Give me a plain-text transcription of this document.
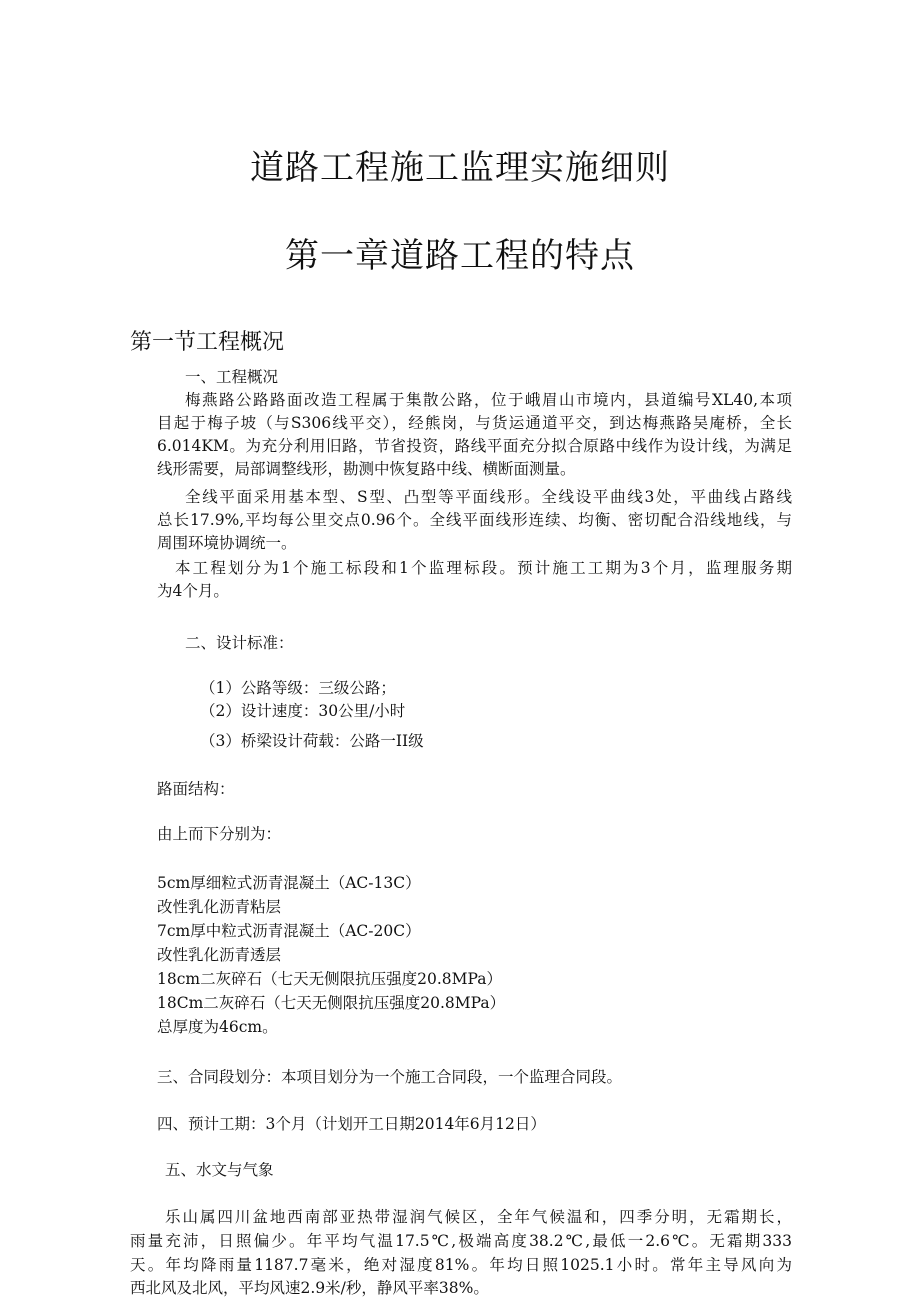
道路工程施工监理实施细则
第一章道路工程的特点
第一节工程概况
一、工程概况
梅燕路公路路面改造工程属于集散公路，位于峨眉山市境内，县道编号XL40,本项
目起于梅子坡（与S306线平交），经熊岗，与货运通道平交，到达梅燕路吴庵桥，全长
6.014KM。为充分利用旧路，节省投资，路线平面充分拟合原路中线作为设计线，为满足
线形需要，局部调整线形，勘测中恢复路中线、横断面测量。
全线平面采用基本型、S型、凸型等平面线形。全线设平曲线3处，平曲线占路线
总长17.9%,平均每公里交点0.96个。全线平面线形连续、均衡、密切配合沿线地线，与
周围环境协调统一。
本工程划分为1个施工标段和1个监理标段。预计施工工期为3个月，监理服务期
为4个月。
二、设计标准：
（1）公路等级：三级公路；
（2）设计速度：30公里/小时
（3）桥梁设计荷载：公路一II级
路面结构：
由上而下分别为：
5cm厚细粒式沥青混凝土（AC-13C）
改性乳化沥青粘层
7cm厚中粒式沥青混凝土（AC-20C）
改性乳化沥青透层
18cm二灰碎石（七天无侧限抗压强度20.8MPa）
18Cm二灰碎石（七天无侧限抗压强度20.8MPa）
总厚度为46cm。
三、合同段划分：本项目划分为一个施工合同段，一个监理合同段。
四、预计工期：3个月（计划开工日期2014年6月12日）
五、水文与气象
乐山属四川盆地西南部亚热带湿润气候区，全年气候温和，四季分明，无霜期长，
雨量充沛，日照偏少。年平均气温17.5℃,极端高度38.2℃,最低一2.6℃。无霜期333
天。年均降雨量1187.7毫米，绝对湿度81%。年均日照1025.1小时。常年主导风向为
西北风及北风，平均风速2.9米/秒，静风平率38%。
